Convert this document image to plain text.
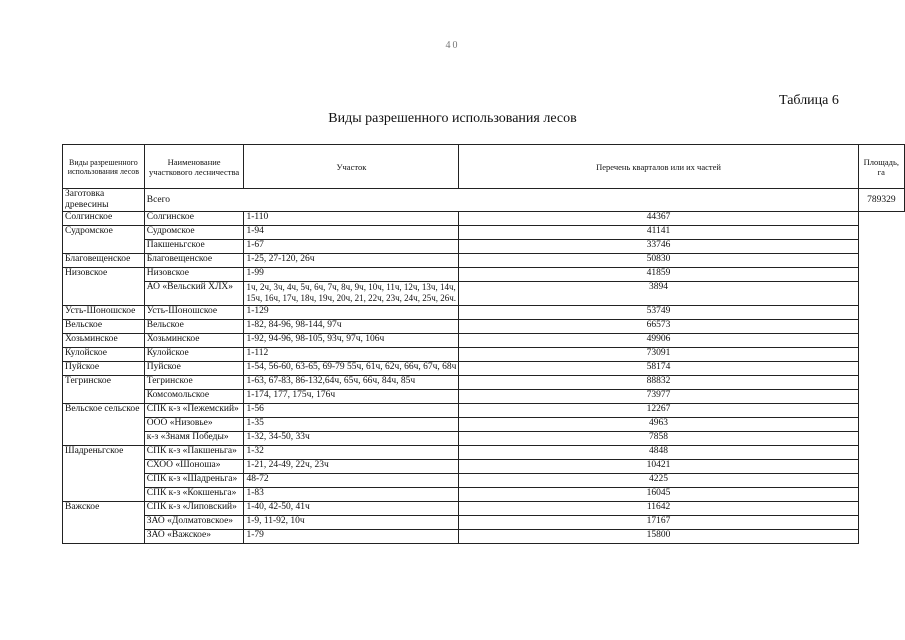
40
Таблица 6
Виды разрешенного использования лесов
Виды разрешенного использования лесов	Наименование участкового лесничества	Участок	Перечень кварталов или их частей	Площадь, га
Заготовка древесины	Всего			789329
Солгинское	Солгинское	1-110	44367	
Судромское	Судромское	1-94	41141	
	Пакшеньгское	1-67	33746	
Благовещенское	Благовещенское	1-25, 27-120, 26ч	50830	
Низовское	Низовское	1-99	41859	
	АО «Вельский ХЛХ»	1ч, 2ч, 3ч, 4ч, 5ч, 6ч, 7ч, 8ч, 9ч, 10ч, 11ч, 12ч, 13ч, 14ч, 15ч, 16ч, 17ч, 18ч, 19ч, 20ч, 21, 22ч, 23ч, 24ч, 25ч, 26ч.	3894	
Усть-Шоношское	Усть-Шоношское	1-129	53749	
Вельское	Вельское	1-82, 84-96, 98-144, 97ч	66573	
Хозьминское	Хозьминское	1-92, 94-96, 98-105, 93ч, 97ч, 106ч	49906	
Кулойское	Кулойское	1-112	73091	
Пуйское	Пуйское	1-54, 56-60, 63-65, 69-79 55ч, 61ч, 62ч, 66ч, 67ч, 68ч	58174	
Тегринское	Тегринское	1-63, 67-83, 86-132,64ч, 65ч, 66ч, 84ч, 85ч	88832	
	Комсомольское	1-174, 177, 175ч, 176ч	73977	
Вельское сельское	СПК к-з «Пежемский»	1-56	12267	
	ООО «Низовье»	1-35	4963	
	к-з «Знамя Победы»	1-32, 34-50, 33ч	7858	
Шадреньгское	СПК к-з «Пакшеньга»	1-32	4848	
	СХОО «Шоноша»	1-21, 24-49, 22ч, 23ч	10421	
	СПК к-з «Шадреньга»	48-72	4225	
	СПК к-з «Кокшеньга»	1-83	16045	
Важское	СПК к-з «Липовский»	1-40, 42-50, 41ч	11642	
	ЗАО «Долматовское»	1-9, 11-92, 10ч	17167	
	ЗАО «Важское»	1-79	15800	
